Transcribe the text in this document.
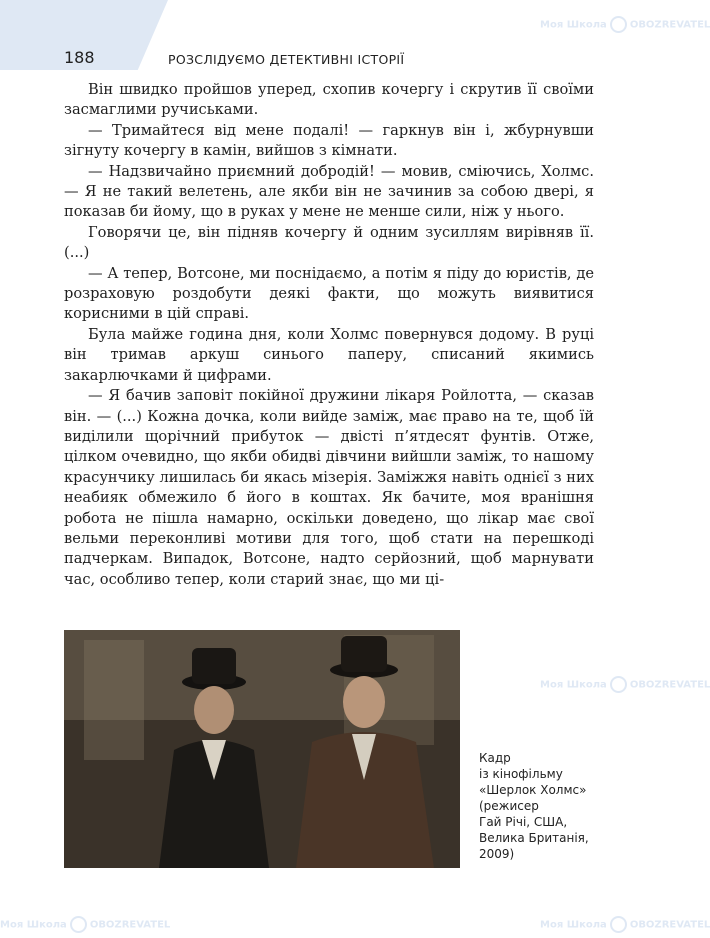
188	РОЗСЛІДУЄМО ДЕТЕКТИВНІ ІСТОРІЇ

Він швидко пройшов уперед, схопив кочергу і скрутив її своїми засмаглими ручиськами.

— Тримайтеся від мене подалі! — гаркнув він і, жбурнувши зігнуту кочергу в камін, вийшов з кімнати.

— Надзвичайно приємний добродій! — мовив, сміючись, Холмс. — Я не такий велетень, але якби він не зачинив за собою двері, я показав би йому, що в руках у мене не менше сили, ніж у нього.

Говорячи це, він підняв кочергу й одним зусиллям вирівняв її. (...)

— А тепер, Вотсоне, ми поснідаємо, а потім я піду до юристів, де розраховую роздобути деякі факти, що можуть виявитися корисними в цій справі.

Була майже година дня, коли Холмс повернувся додому. В руці він тримав аркуш синього паперу, списаний якимись закарлючками й цифрами.

— Я бачив заповіт покійної дружини лікаря Ройлотта, — сказав він. — (...) Кожна дочка, коли вийде заміж, має право на те, щоб їй виділили щорічний прибуток — двісті п’ятдесят фунтів. Отже, цілком очевидно, що якби обидві дівчини вийшли заміж, то нашому красунчику лишилась би якась мізерія. Заміжжя навіть однієї з них неабияк обмежило б його в коштах. Як бачите, моя вранішня робота не пішла намарно, оскільки доведено, що лікар має свої вельми переконливі мотиви для того, щоб стати на перешкоді падчеркам. Випадок, Вотсоне, надто серйозний, щоб марнувати час, особливо тепер, коли старий знає, що ми ці-

Кадр
із кінофільму
«Шерлок Холмс»
(режисер
Гай Річі, США,
Велика Британія,
2009)
Моя Школа OBOZREVATEL
Моя Школа OBOZREVATEL
Моя Школа OBOZREVATEL
Моя Школа OBOZREVATEL
